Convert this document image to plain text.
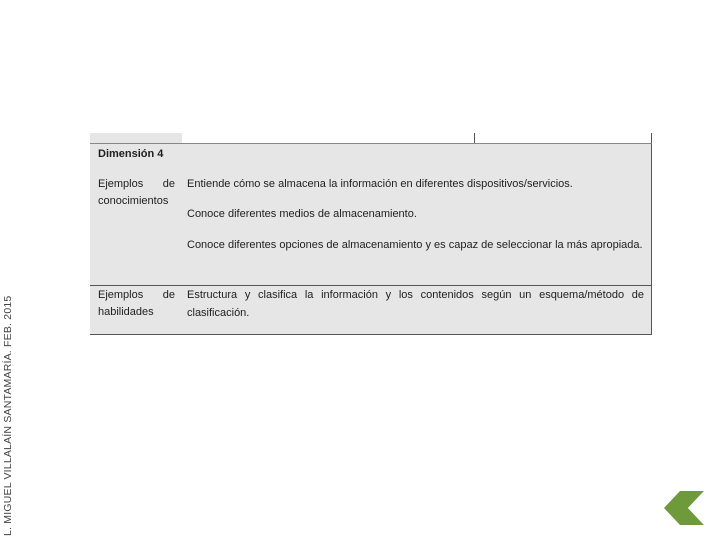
L. MIGUEL VILLALAÍN SANTAMARÍA. FEB. 2015
Dimensión 4
Ejemplos de
conocimientos
Entiende cómo se almacena la información en diferentes dispositivos/servicios.
Conoce diferentes medios de almacenamiento.
Conoce diferentes opciones de almacenamiento y es capaz de seleccionar la más apropiada.
Ejemplos de
habilidades
Estructura y clasifica la información y los contenidos según un esquema/método de clasificación.
